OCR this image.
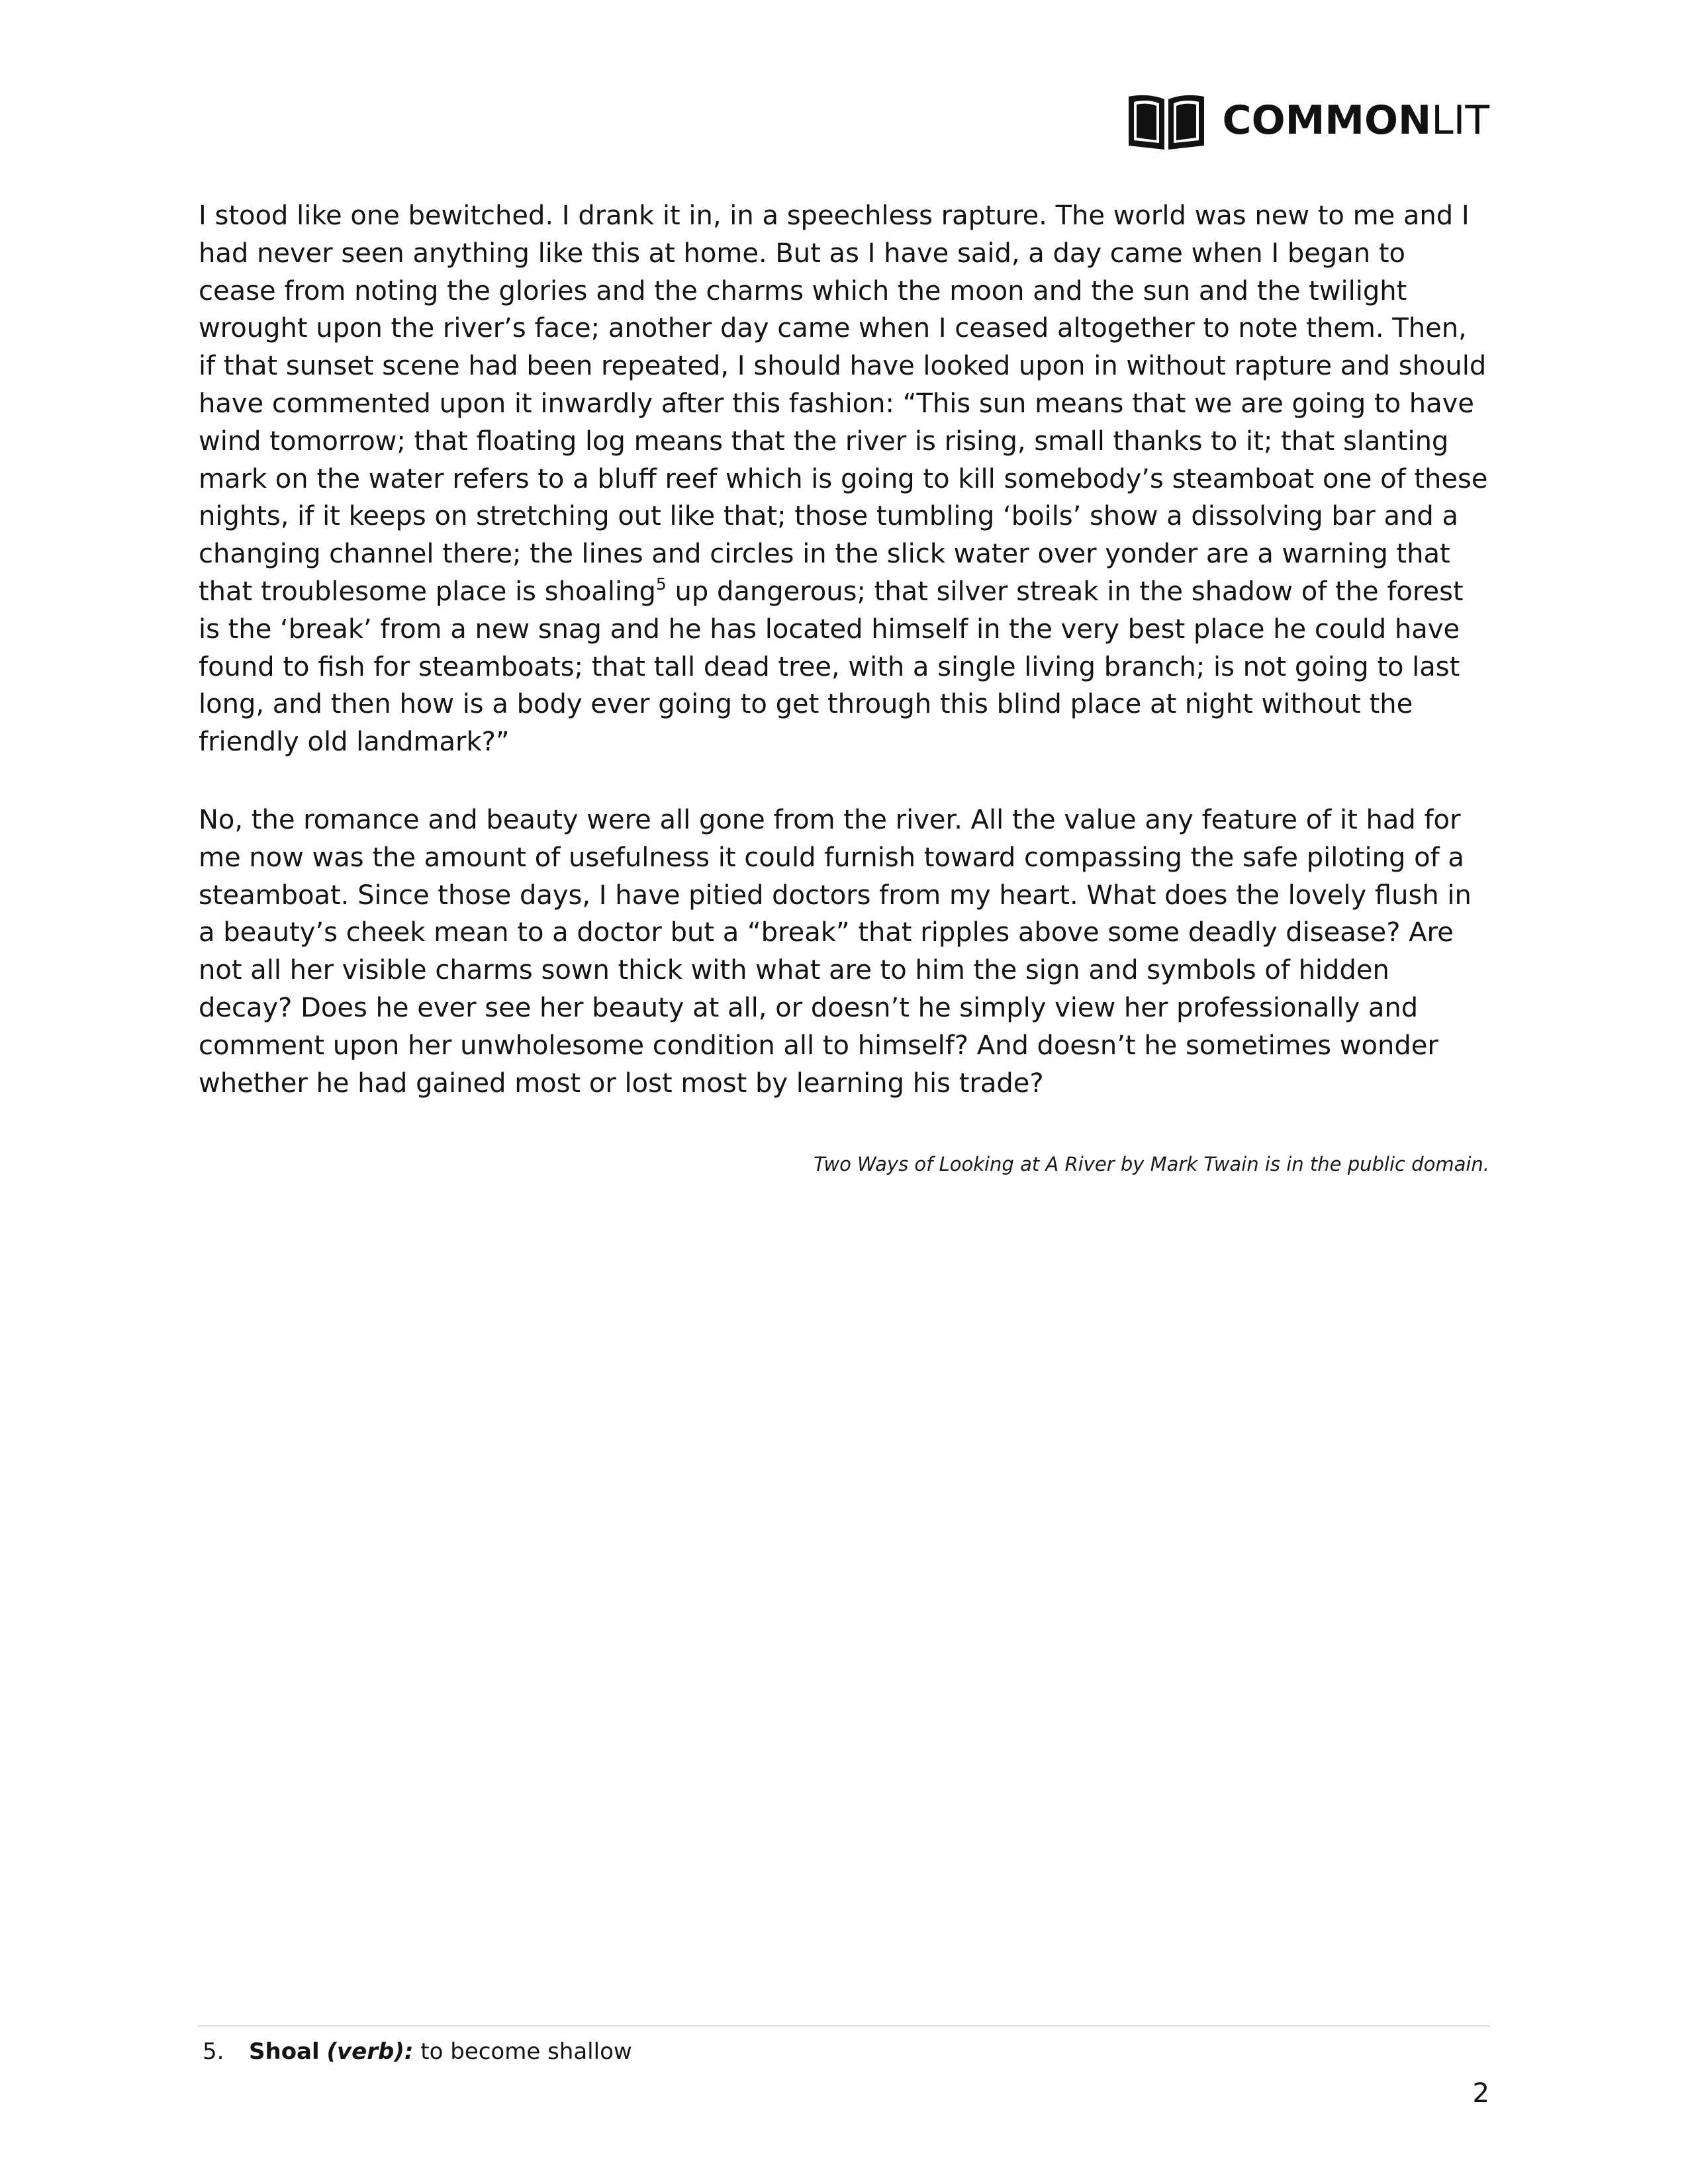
COMMONLIT

I stood like one bewitched. I drank it in, in a speechless rapture. The world was new to me and I had never seen anything like this at home. But as I have said, a day came when I began to cease from noting the glories and the charms which the moon and the sun and the twilight wrought upon the river’s face; another day came when I ceased altogether to note them. Then, if that sunset scene had been repeated, I should have looked upon in without rapture and should have commented upon it inwardly after this fashion: “This sun means that we are going to have wind tomorrow; that floating log means that the river is rising, small thanks to it; that slanting mark on the water refers to a bluff reef which is going to kill somebody’s steamboat one of these nights, if it keeps on stretching out like that; those tumbling ‘boils’ show a dissolving bar and a changing channel there; the lines and circles in the slick water over yonder are a warning that that troublesome place is shoaling$^5$ up dangerous; that silver streak in the shadow of the forest is the ‘break’ from a new snag and he has located himself in the very best place he could have found to fish for steamboats; that tall dead tree, with a single living branch; is not going to last long, and then how is a body ever going to get through this blind place at night without the friendly old landmark?”

No, the romance and beauty were all gone from the river. All the value any feature of it had for me now was the amount of usefulness it could furnish toward compassing the safe piloting of a steamboat. Since those days, I have pitied doctors from my heart. What does the lovely flush in a beauty’s cheek mean to a doctor but a “break” that ripples above some deadly disease? Are not all her visible charms sown thick with what are to him the sign and symbols of hidden decay? Does he ever see her beauty at all, or doesn’t he simply view her professionally and comment upon her unwholesome condition all to himself? And doesn’t he sometimes wonder whether he had gained most or lost most by learning his trade?

Two Ways of Looking at A River by Mark Twain is in the public domain.
5.	Shoal
(verb): to become shallow
2
